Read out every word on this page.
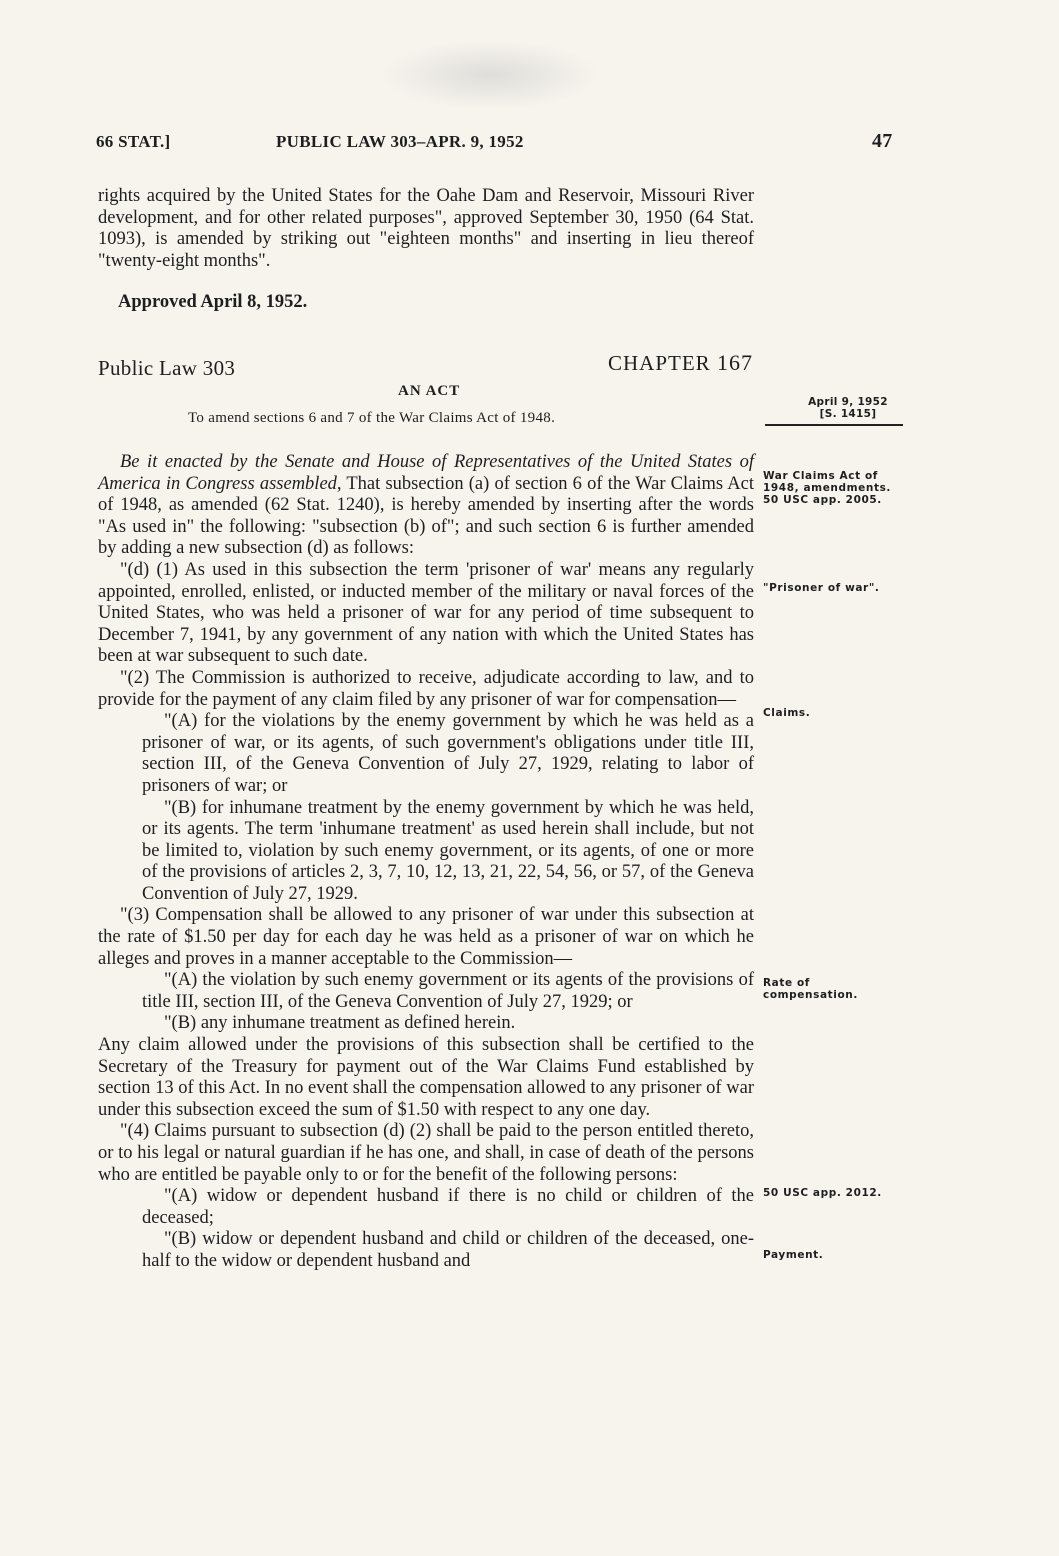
66 STAT.]	PUBLIC LAW 303–APR. 9, 1952	47

rights acquired by the United States for the Oahe Dam and Reservoir, Missouri River development, and for other related purposes", approved September 30, 1950 (64 Stat. 1093), is amended by striking out "eighteen months" and inserting in lieu thereof "twenty-eight months".

Approved April 8, 1952.
Public Law 303	CHAPTER 167
AN ACT
To amend sections 6 and 7 of the War Claims Act of 1948.

Be it enacted by the Senate and House of Representatives of the United States of America in Congress assembled, That subsection (a) of section 6 of the War Claims Act of 1948, as amended (62 Stat. 1240), is hereby amended by inserting after the words "As used in" the following: "subsection (b) of"; and such section 6 is further amended by adding a new subsection (d) as follows:

"(d) (1) As used in this subsection the term 'prisoner of war' means any regularly appointed, enrolled, enlisted, or inducted member of the military or naval forces of the United States, who was held a prisoner of war for any period of time subsequent to December 7, 1941, by any government of any nation with which the United States has been at war subsequent to such date.

"(2) The Commission is authorized to receive, adjudicate according to law, and to provide for the payment of any claim filed by any prisoner of war for compensation—

"(A) for the violations by the enemy government by which he was held as a prisoner of war, or its agents, of such government's obligations under title III, section III, of the Geneva Convention of July 27, 1929, relating to labor of prisoners of war; or

"(B) for inhumane treatment by the enemy government by which he was held, or its agents. The term 'inhumane treatment' as used herein shall include, but not be limited to, violation by such enemy government, or its agents, of one or more of the provisions of articles 2, 3, 7, 10, 12, 13, 21, 22, 54, 56, or 57, of the Geneva Convention of July 27, 1929.

"(3) Compensation shall be allowed to any prisoner of war under this subsection at the rate of $1.50 per day for each day he was held as a prisoner of war on which he alleges and proves in a manner acceptable to the Commission—

"(A) the violation by such enemy government or its agents of the provisions of title III, section III, of the Geneva Convention of July 27, 1929; or

"(B) any inhumane treatment as defined herein.

Any claim allowed under the provisions of this subsection shall be certified to the Secretary of the Treasury for payment out of the War Claims Fund established by section 13 of this Act. In no event shall the compensation allowed to any prisoner of war under this subsection exceed the sum of $1.50 with respect to any one day.

"(4) Claims pursuant to subsection (d) (2) shall be paid to the person entitled thereto, or to his legal or natural guardian if he has one, and shall, in case of death of the persons who are entitled be payable only to or for the benefit of the following persons:

"(A) widow or dependent husband if there is no child or children of the deceased;

"(B) widow or dependent husband and child or children of the deceased, one-half to the widow or dependent husband and

April 9, 1952
[S. 1415]
War Claims Act of 1948, amendments.
50 USC app. 2005.
"Prisoner of war".
Claims.
Rate of compensation.
50 USC app. 2012.
Payment.
